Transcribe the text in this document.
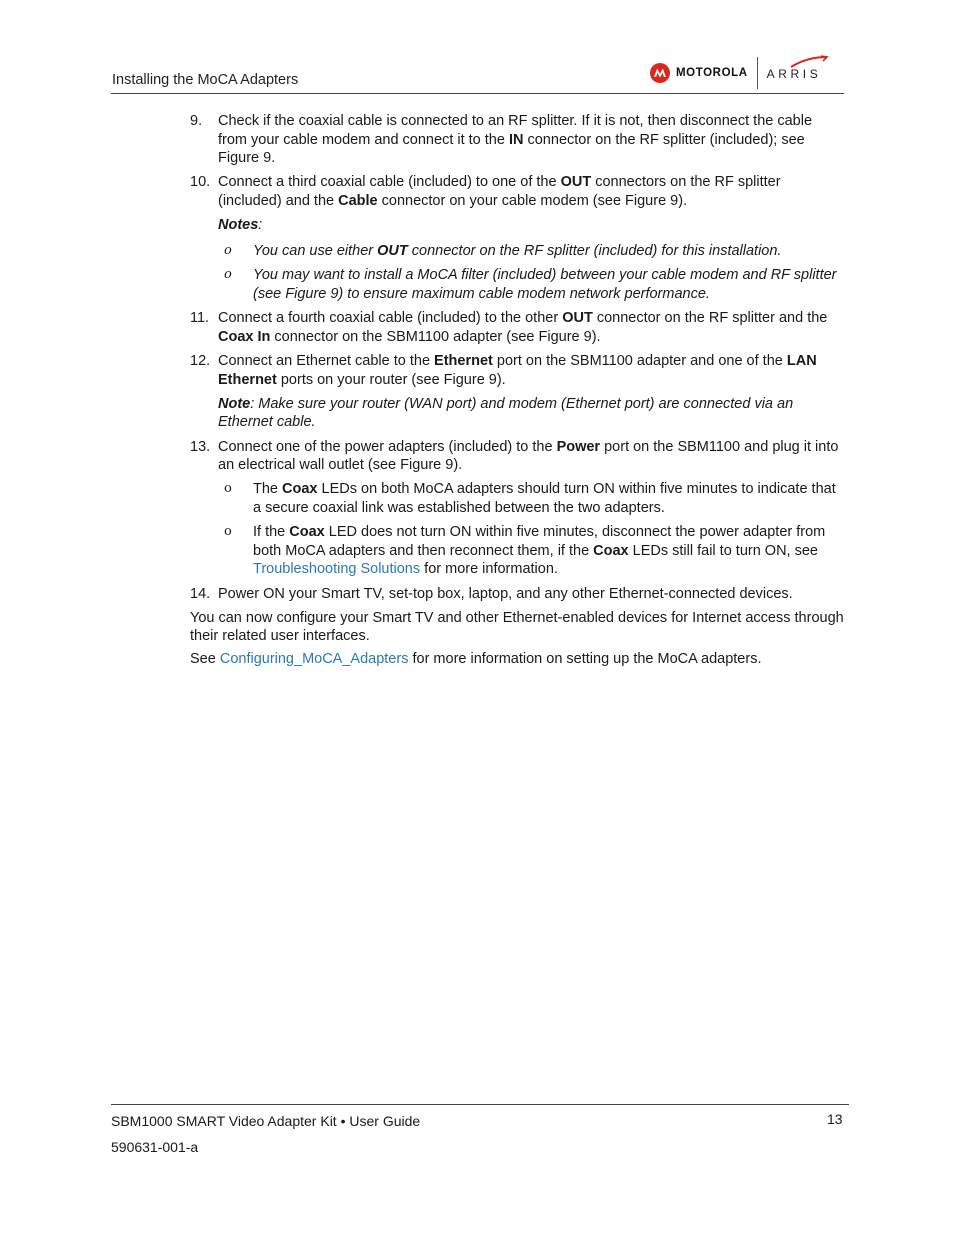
Installing the MoCA Adapters	MOTOROLA ARRIS
9. Check if the coaxial cable is connected to an RF splitter. If it is not, then disconnect the cable from your cable modem and connect it to the IN connector on the RF splitter (included); see Figure 9.
10. Connect a third coaxial cable (included) to one of the OUT connectors on the RF splitter (included) and the Cable connector on your cable modem (see Figure 9).
Notes:
o You can use either OUT connector on the RF splitter (included) for this installation.
o You may want to install a MoCA filter (included) between your cable modem and RF splitter (see Figure 9) to ensure maximum cable modem network performance.
11. Connect a fourth coaxial cable (included) to the other OUT connector on the RF splitter and the Coax In connector on the SBM1100 adapter (see Figure 9).
12. Connect an Ethernet cable to the Ethernet port on the SBM1100 adapter and one of the LAN Ethernet ports on your router (see Figure 9).
Note: Make sure your router (WAN port) and modem (Ethernet port) are connected via an Ethernet cable.
13. Connect one of the power adapters (included) to the Power port on the SBM1100 and plug it into an electrical wall outlet (see Figure 9).
o The Coax LEDs on both MoCA adapters should turn ON within five minutes to indicate that a secure coaxial link was established between the two adapters.
o If the Coax LED does not turn ON within five minutes, disconnect the power adapter from both MoCA adapters and then reconnect them, if the Coax LEDs still fail to turn ON, see Troubleshooting Solutions for more information.
14. Power ON your Smart TV, set-top box, laptop, and any other Ethernet-connected devices.
You can now configure your Smart TV and other Ethernet-enabled devices for Internet access through their related user interfaces.
See Configuring_MoCA_Adapters for more information on setting up the MoCA adapters.
SBM1000 SMART Video Adapter Kit • User Guide	13
590631-001-a
